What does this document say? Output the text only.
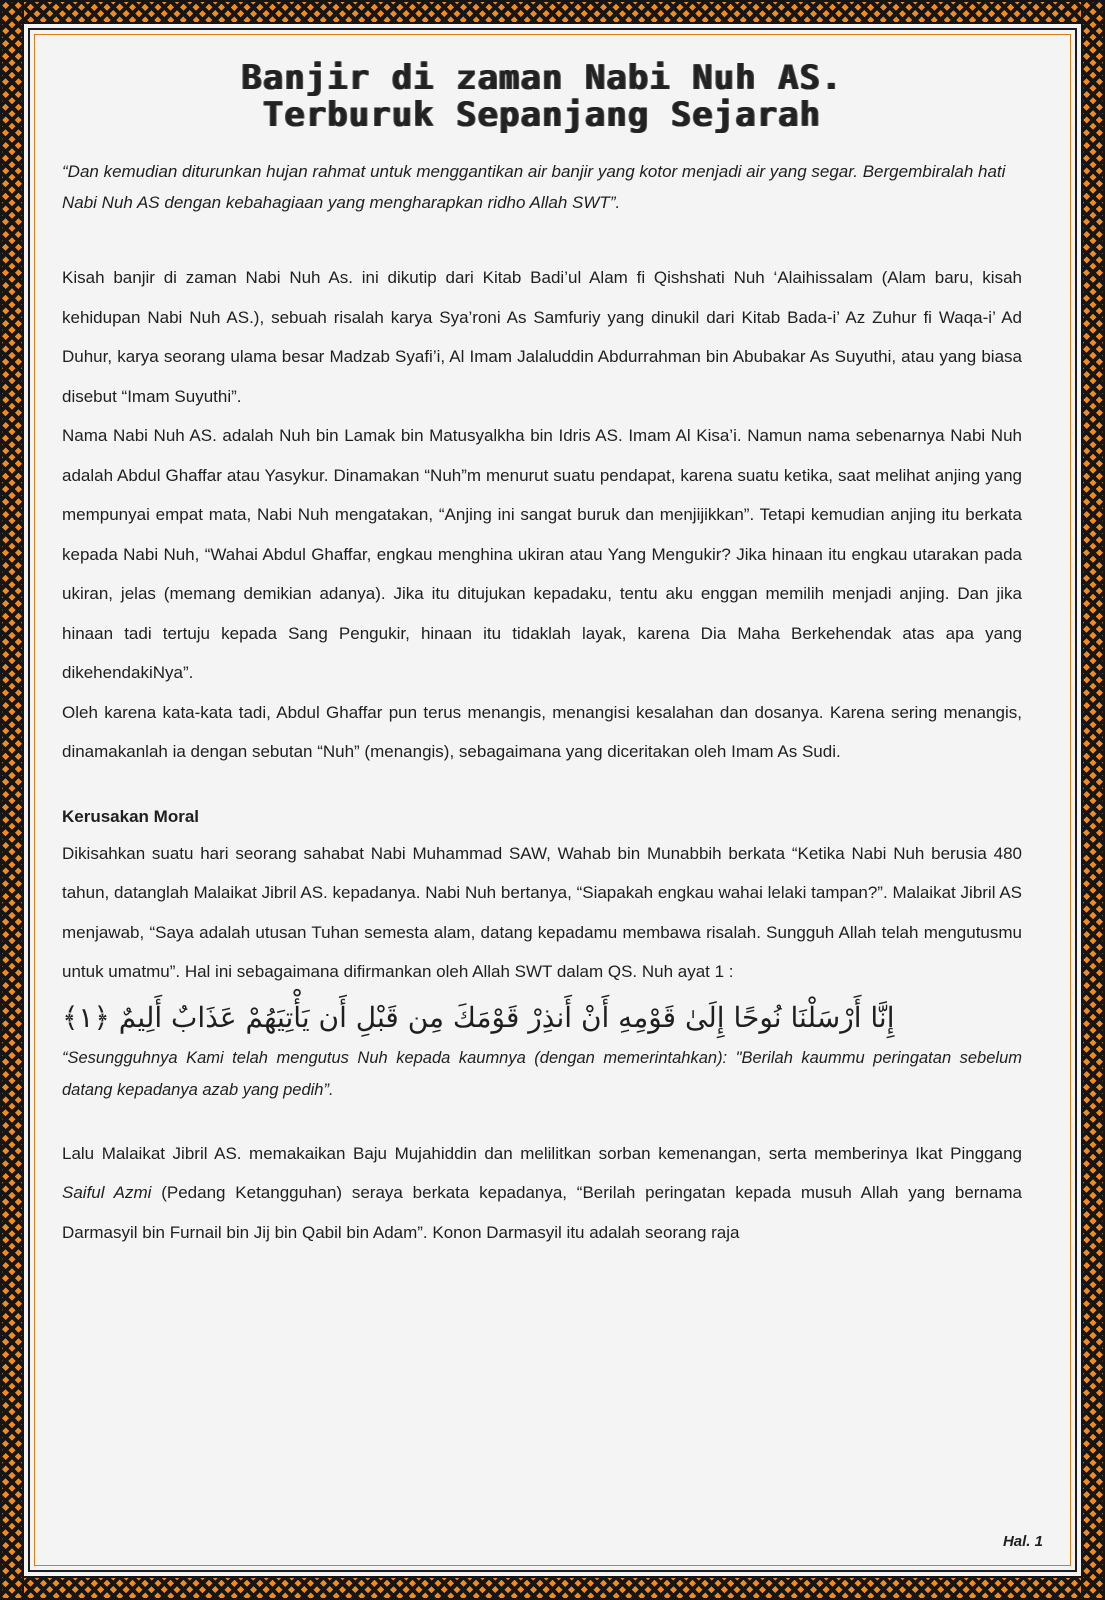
Banjir di zaman Nabi Nuh AS.
Terburuk Sepanjang Sejarah

“Dan kemudian diturunkan hujan rahmat untuk menggantikan air banjir yang kotor menjadi air yang segar. Bergembiralah hati Nabi Nuh AS dengan kebahagiaan yang mengharapkan ridho Allah SWT”.

Kisah banjir di zaman Nabi Nuh As. ini dikutip dari Kitab Badi’ul Alam fi Qishshati Nuh ‘Alaihissalam (Alam baru, kisah kehidupan Nabi Nuh AS.), sebuah risalah karya Sya’roni As Samfuriy yang dinukil dari Kitab Bada-i’ Az Zuhur fi Waqa-i’ Ad Duhur, karya seorang ulama besar Madzab Syafi’i, Al Imam Jalaluddin Abdurrahman bin Abubakar As Suyuthi, atau yang biasa disebut “Imam Suyuthi”.

Nama Nabi Nuh AS. adalah Nuh bin Lamak bin Matusyalkha bin Idris AS. Imam Al Kisa’i. Namun nama sebenarnya Nabi Nuh adalah Abdul Ghaffar atau Yasykur. Dinamakan “Nuh”m menurut suatu pendapat, karena suatu ketika, saat melihat anjing yang mempunyai empat mata, Nabi Nuh mengatakan, “Anjing ini sangat buruk dan menjijikkan”. Tetapi kemudian anjing itu berkata kepada Nabi Nuh, “Wahai Abdul Ghaffar, engkau menghina ukiran atau Yang Mengukir? Jika hinaan itu engkau utarakan pada ukiran, jelas (memang demikian adanya). Jika itu ditujukan kepadaku, tentu aku enggan memilih menjadi anjing. Dan jika hinaan tadi tertuju kepada Sang Pengukir, hinaan itu tidaklah layak, karena Dia Maha Berkehendak atas apa yang dikehendakiNya”.

Oleh karena kata-kata tadi, Abdul Ghaffar pun terus menangis, menangisi kesalahan dan dosanya. Karena sering menangis, dinamakanlah ia dengan sebutan “Nuh” (menangis), sebagaimana yang diceritakan oleh Imam As Sudi.

Kerusakan Moral

Dikisahkan suatu hari seorang sahabat Nabi Muhammad SAW, Wahab bin Munabbih berkata “Ketika Nabi Nuh berusia 480 tahun, datanglah Malaikat Jibril AS. kepadanya. Nabi Nuh bertanya, “Siapakah engkau wahai lelaki tampan?”. Malaikat Jibril AS menjawab, “Saya adalah utusan Tuhan semesta alam, datang kepadamu membawa risalah. Sungguh Allah telah mengutusmu untuk umatmu”. Hal ini sebagaimana difirmankan oleh Allah SWT dalam QS. Nuh ayat 1 :

إِنَّا أَرْسَلْنَا نُوحًا إِلَىٰ قَوْمِهِ أَنْ أَنذِرْ قَوْمَكَ مِن قَبْلِ أَن يَأْتِيَهُمْ عَذَابٌ أَلِيمٌ ﴿١﴾

“Sesungguhnya Kami telah mengutus Nuh kepada kaumnya (dengan memerintahkan): "Berilah kaummu peringatan sebelum datang kepadanya azab yang pedih”.

Lalu Malaikat Jibril AS. memakaikan Baju Mujahiddin dan melilitkan sorban kemenangan, serta memberinya Ikat Pinggang Saiful Azmi (Pedang Ketangguhan) seraya berkata kepadanya, “Berilah peringatan kepada musuh Allah yang bernama Darmasyil bin Furnail bin Jij bin Qabil bin Adam”. Konon Darmasyil itu adalah seorang raja

Hal. 1
